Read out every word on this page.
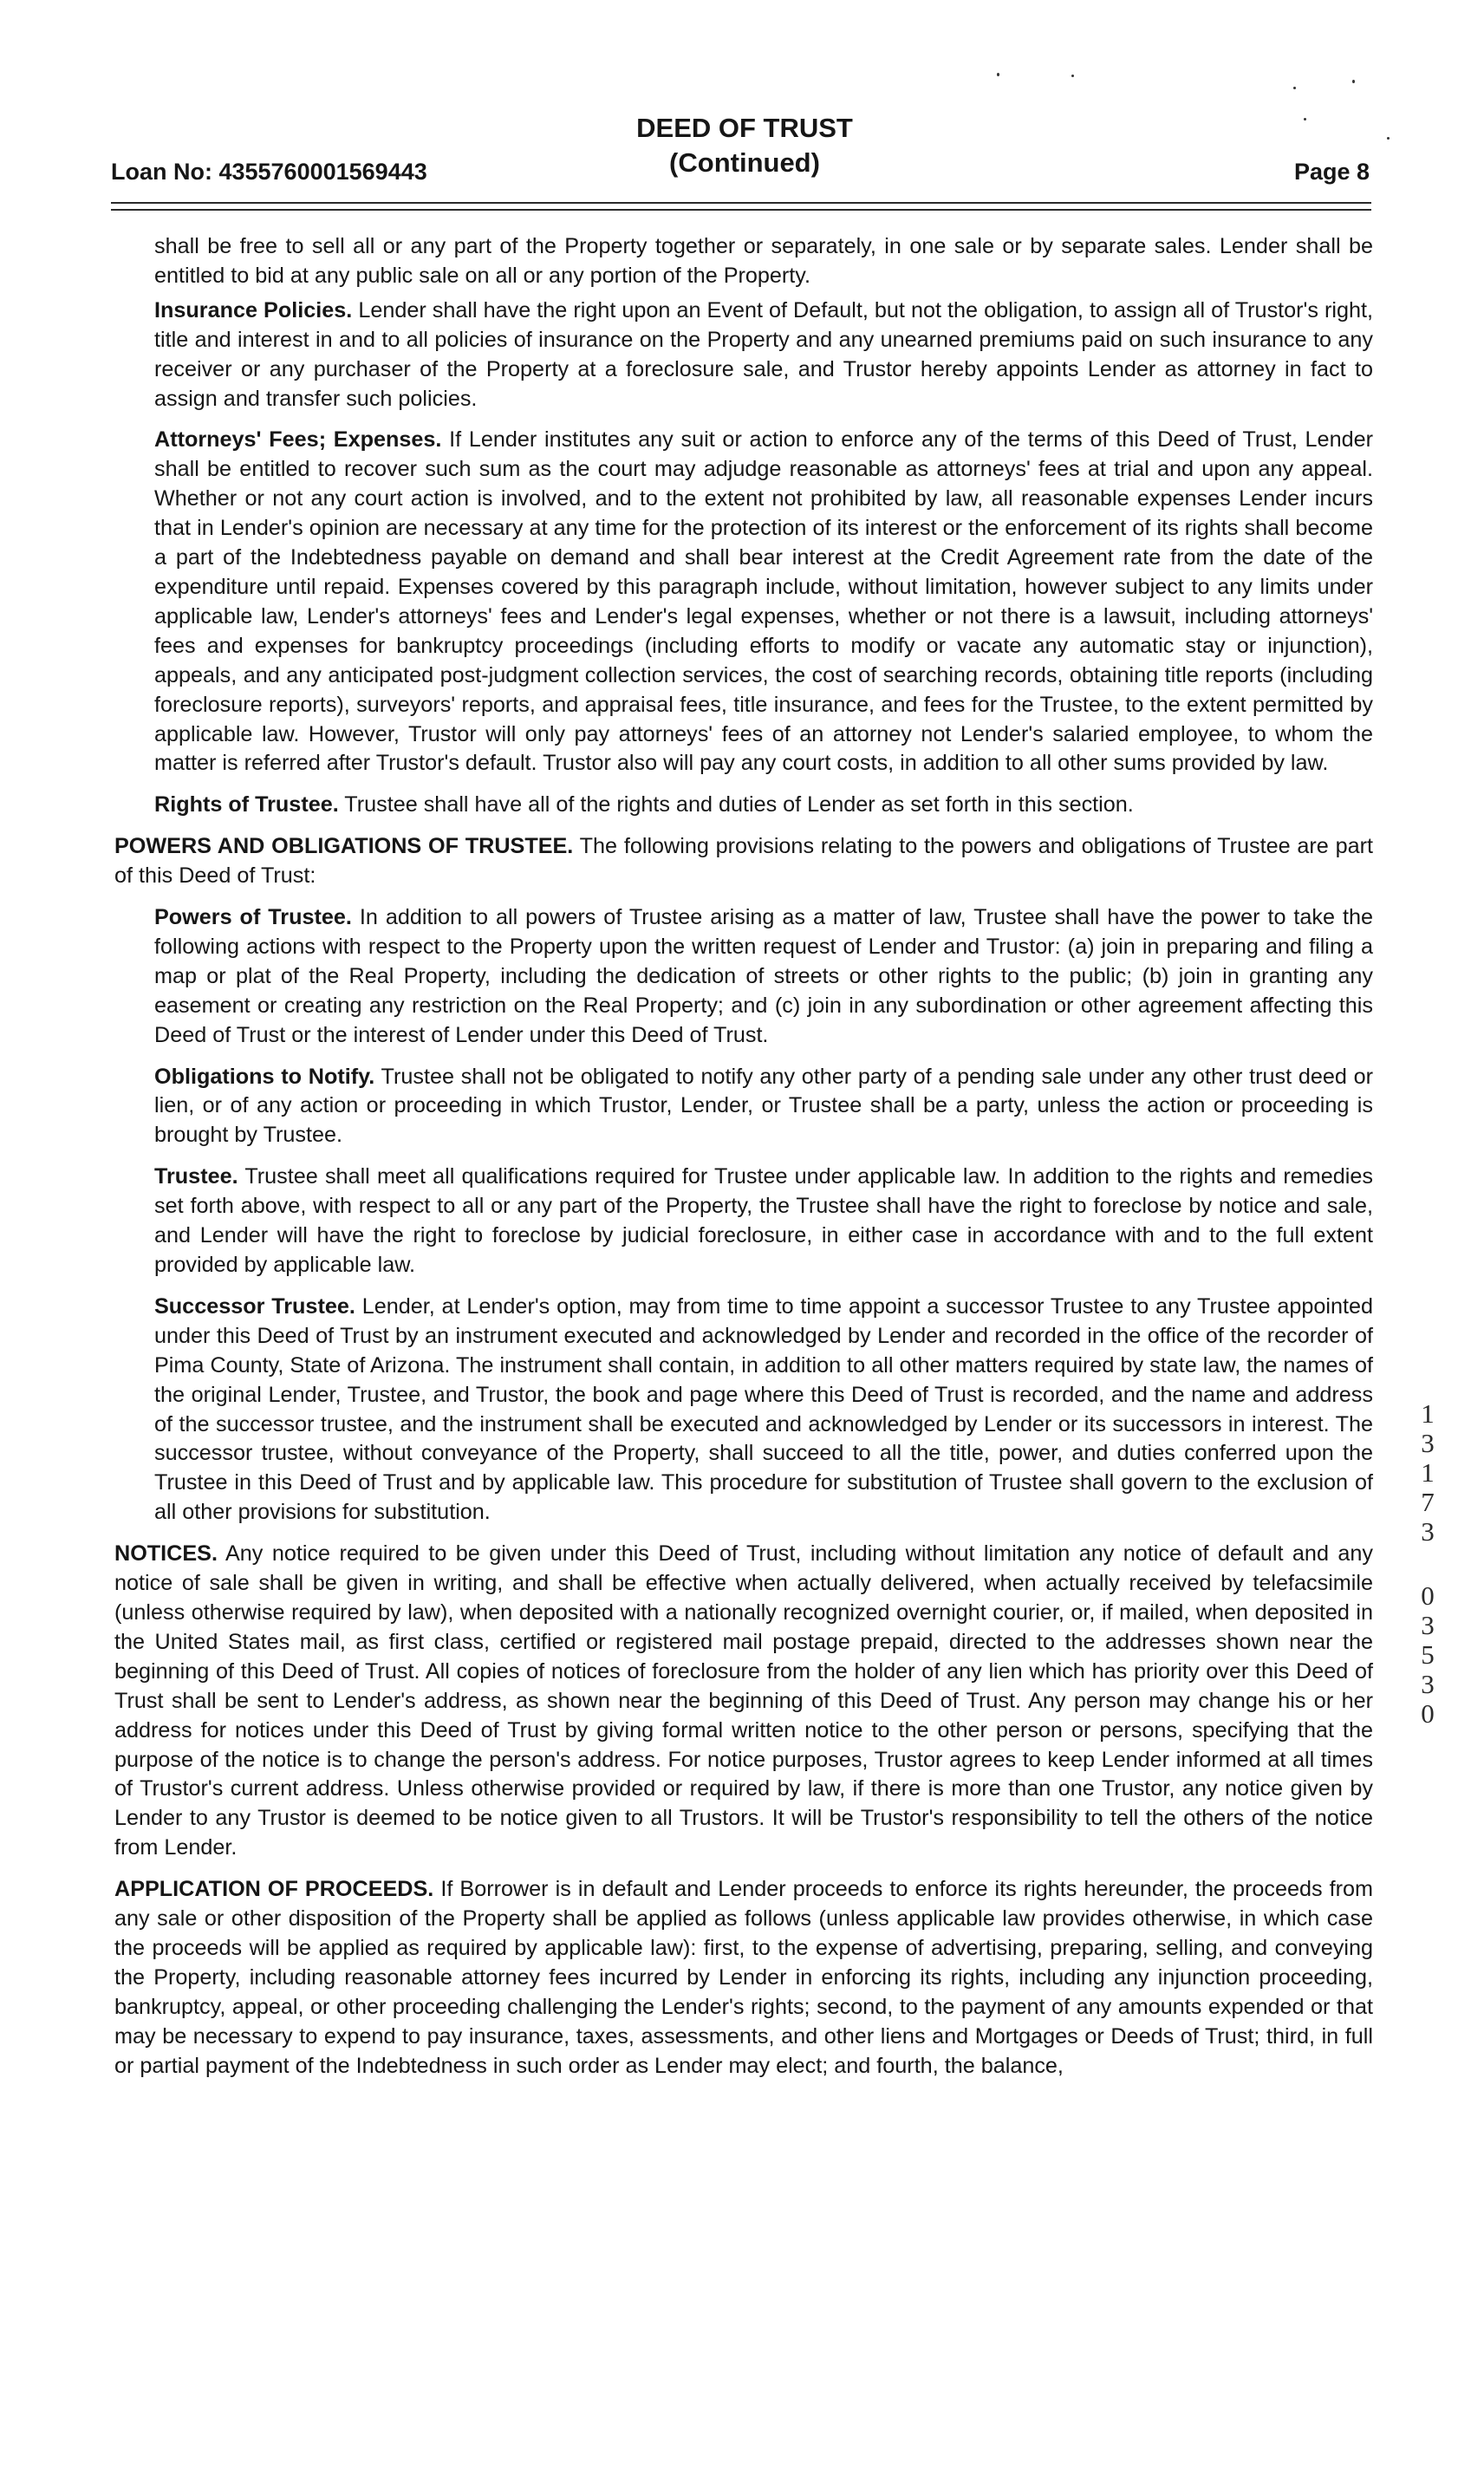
Loan No: 4355760001569443
DEED OF TRUST
(Continued)	Page 8

shall be free to sell all or any part of the Property together or separately, in one sale or by separate sales. Lender shall be entitled to bid at any public sale on all or any portion of the Property.

Insurance Policies. Lender shall have the right upon an Event of Default, but not the obligation, to assign all of Trustor's right, title and interest in and to all policies of insurance on the Property and any unearned premiums paid on such insurance to any receiver or any purchaser of the Property at a foreclosure sale, and Trustor hereby appoints Lender as attorney in fact to assign and transfer such policies.

Attorneys' Fees; Expenses. If Lender institutes any suit or action to enforce any of the terms of this Deed of Trust, Lender shall be entitled to recover such sum as the court may adjudge reasonable as attorneys' fees at trial and upon any appeal. Whether or not any court action is involved, and to the extent not prohibited by law, all reasonable expenses Lender incurs that in Lender's opinion are necessary at any time for the protection of its interest or the enforcement of its rights shall become a part of the Indebtedness payable on demand and shall bear interest at the Credit Agreement rate from the date of the expenditure until repaid. Expenses covered by this paragraph include, without limitation, however subject to any limits under applicable law, Lender's attorneys' fees and Lender's legal expenses, whether or not there is a lawsuit, including attorneys' fees and expenses for bankruptcy proceedings (including efforts to modify or vacate any automatic stay or injunction), appeals, and any anticipated post-judgment collection services, the cost of searching records, obtaining title reports (including foreclosure reports), surveyors' reports, and appraisal fees, title insurance, and fees for the Trustee, to the extent permitted by applicable law. However, Trustor will only pay attorneys' fees of an attorney not Lender's salaried employee, to whom the matter is referred after Trustor's default. Trustor also will pay any court costs, in addition to all other sums provided by law.

Rights of Trustee. Trustee shall have all of the rights and duties of Lender as set forth in this section.

POWERS AND OBLIGATIONS OF TRUSTEE. The following provisions relating to the powers and obligations of Trustee are part of this Deed of Trust:

Powers of Trustee. In addition to all powers of Trustee arising as a matter of law, Trustee shall have the power to take the following actions with respect to the Property upon the written request of Lender and Trustor: (a) join in preparing and filing a map or plat of the Real Property, including the dedication of streets or other rights to the public; (b) join in granting any easement or creating any restriction on the Real Property; and (c) join in any subordination or other agreement affecting this Deed of Trust or the interest of Lender under this Deed of Trust.

Obligations to Notify. Trustee shall not be obligated to notify any other party of a pending sale under any other trust deed or lien, or of any action or proceeding in which Trustor, Lender, or Trustee shall be a party, unless the action or proceeding is brought by Trustee.

Trustee. Trustee shall meet all qualifications required for Trustee under applicable law. In addition to the rights and remedies set forth above, with respect to all or any part of the Property, the Trustee shall have the right to foreclose by notice and sale, and Lender will have the right to foreclose by judicial foreclosure, in either case in accordance with and to the full extent provided by applicable law.

Successor Trustee. Lender, at Lender's option, may from time to time appoint a successor Trustee to any Trustee appointed under this Deed of Trust by an instrument executed and acknowledged by Lender and recorded in the office of the recorder of Pima County, State of Arizona. The instrument shall contain, in addition to all other matters required by state law, the names of the original Lender, Trustee, and Trustor, the book and page where this Deed of Trust is recorded, and the name and address of the successor trustee, and the instrument shall be executed and acknowledged by Lender or its successors in interest. The successor trustee, without conveyance of the Property, shall succeed to all the title, power, and duties conferred upon the Trustee in this Deed of Trust and by applicable law. This procedure for substitution of Trustee shall govern to the exclusion of all other provisions for substitution.

NOTICES. Any notice required to be given under this Deed of Trust, including without limitation any notice of default and any notice of sale shall be given in writing, and shall be effective when actually delivered, when actually received by telefacsimile (unless otherwise required by law), when deposited with a nationally recognized overnight courier, or, if mailed, when deposited in the United States mail, as first class, certified or registered mail postage prepaid, directed to the addresses shown near the beginning of this Deed of Trust. All copies of notices of foreclosure from the holder of any lien which has priority over this Deed of Trust shall be sent to Lender's address, as shown near the beginning of this Deed of Trust. Any person may change his or her address for notices under this Deed of Trust by giving formal written notice to the other person or persons, specifying that the purpose of the notice is to change the person's address. For notice purposes, Trustor agrees to keep Lender informed at all times of Trustor's current address. Unless otherwise provided or required by law, if there is more than one Trustor, any notice given by Lender to any Trustor is deemed to be notice given to all Trustors. It will be Trustor's responsibility to tell the others of the notice from Lender.

APPLICATION OF PROCEEDS. If Borrower is in default and Lender proceeds to enforce its rights hereunder, the proceeds from any sale or other disposition of the Property shall be applied as follows (unless applicable law provides otherwise, in which case the proceeds will be applied as required by applicable law): first, to the expense of advertising, preparing, selling, and conveying the Property, including reasonable attorney fees incurred by Lender in enforcing its rights, including any injunction proceeding, bankruptcy, appeal, or other proceeding challenging the Lender's rights; second, to the payment of any amounts expended or that may be necessary to expend to pay insurance, taxes, assessments, and other liens and Mortgages or Deeds of Trust; third, in full or partial payment of the Indebtedness in such order as Lender may elect; and fourth, the balance,

1
3
1
7
3
0
3
5
3
0
